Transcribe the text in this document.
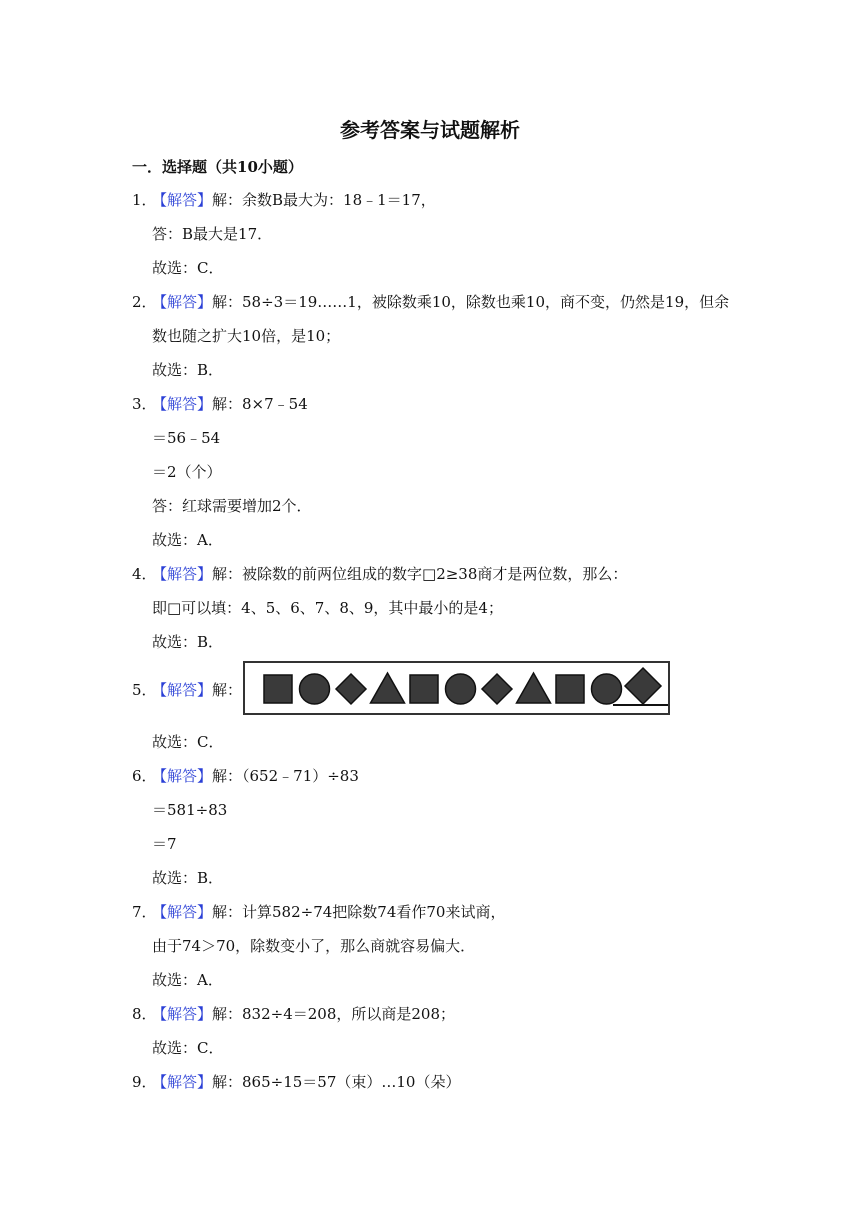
参考答案与试题解析
一．选择题（共10小题）
1．【解答】解：余数B最大为：18﹣1＝17，
答：B最大是17．
故选：C．
2．【解答】解：58÷3＝19……1，被除数乘10，除数也乘10，商不变，仍然是19，但余
数也随之扩大10倍，是10；
故选：B．
3．【解答】解：8×7﹣54
＝56﹣54
＝2（个）
答：红球需要增加2个．
故选：A．
4．【解答】解：被除数的前两位组成的数字□2≥38商才是两位数，那么：
即□可以填：4、5、6、7、8、9，其中最小的是4；
故选：B．
5．【解答】解：
故选：C．
6．【解答】解：（652﹣71）÷83
＝581÷83
＝7
故选：B．
7．【解答】解：计算582÷74把除数74看作70来试商，
由于74＞70，除数变小了，那么商就容易偏大．
故选：A．
8．【解答】解：832÷4＝208，所以商是208；
故选：C．
9．【解答】解：865÷15＝57（束）…10（朵）
